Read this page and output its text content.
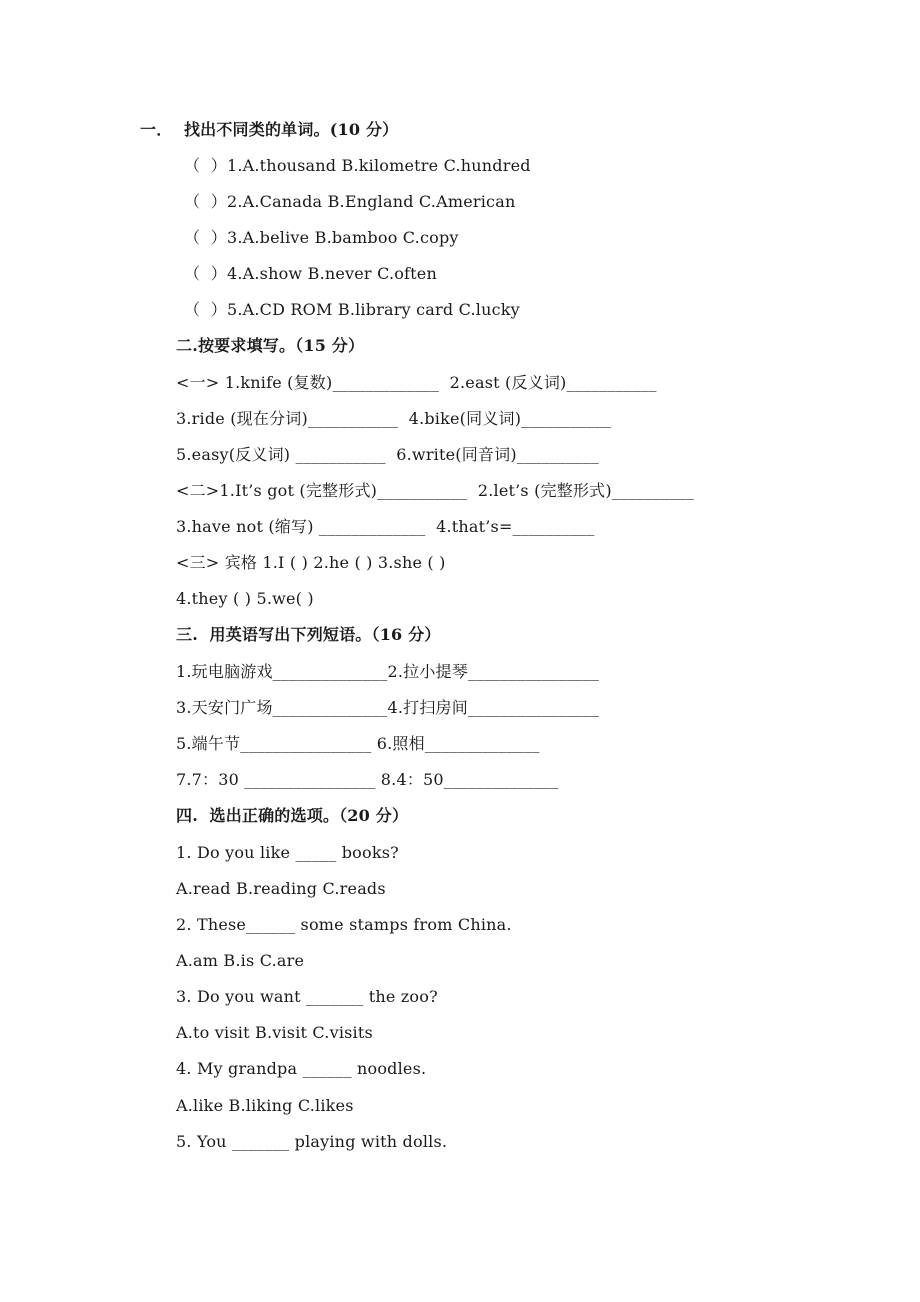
一．  找出不同类的单词。(10 分）
（  ）1.A.thousand B.kilometre C.hundred
（  ）2.A.Canada B.England C.American
（  ）3.A.belive B.bamboo C.copy
（  ）4.A.show B.never C.often
（  ）5.A.CD ROM B.library card C.lucky
二.按要求填写。（15 分）
<一> 1.knife (复数)_____________  2.east (反义词)___________
3.ride (现在分词)___________  4.bike(同义词)___________
5.easy(反义词) ___________  6.write(同音词)__________
<二>1.It’s got (完整形式)___________  2.let’s (完整形式)__________
3.have not (缩写) _____________  4.that’s=__________
<三> 宾格 1.I ( ) 2.he ( ) 3.she ( )
4.they ( ) 5.we( )
三.  用英语写出下列短语。（16 分）
1.玩电脑游戏______________2.拉小提琴________________
3.天安门广场______________4.打扫房间________________
5.端午节________________ 6.照相______________
7.7：30 ________________ 8.4：50______________
四.  选出正确的选项。（20 分）
1. Do you like _____ books?
A.read B.reading C.reads
2. These______ some stamps from China.
A.am B.is C.are
3. Do you want _______ the zoo?
A.to visit B.visit C.visits
4. My grandpa ______ noodles.
A.like B.liking C.likes
5. You _______ playing with dolls.
